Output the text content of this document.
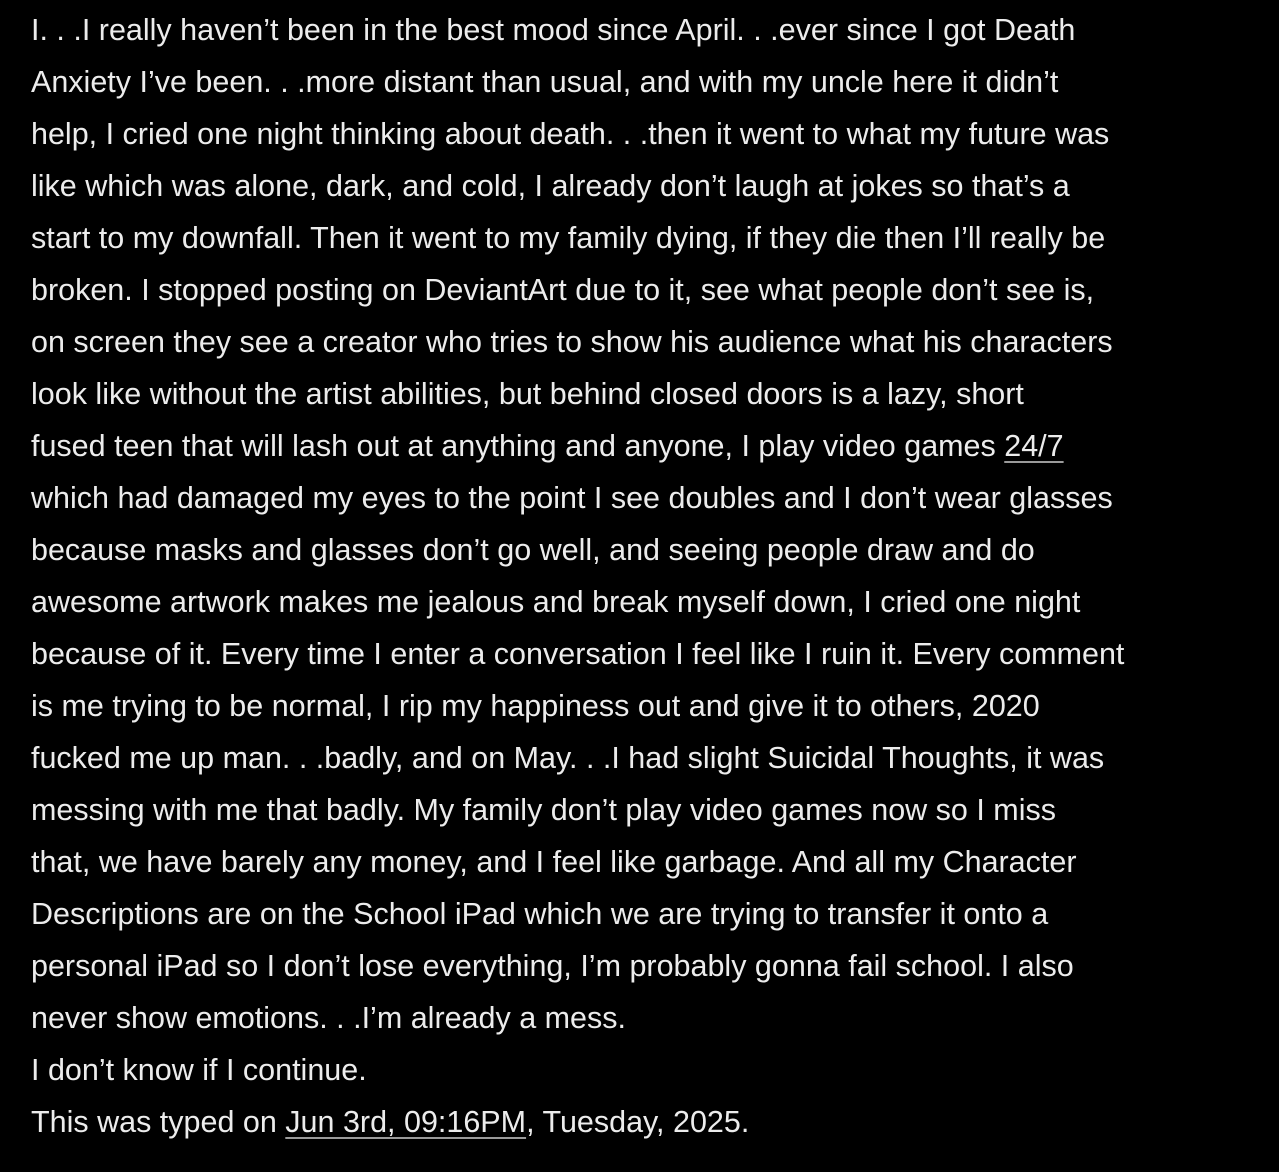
I. . .I really haven’t been in the best mood since April. . .ever since I got Death
Anxiety I’ve been. . .more distant than usual, and with my uncle here it didn’t
help, I cried one night thinking about death. . .then it went to what my future was
like which was alone, dark, and cold, I already don’t laugh at jokes so that’s a
start to my downfall. Then it went to my family dying, if they die then I’ll really be
broken. I stopped posting on DeviantArt due to it, see what people don’t see is,
on screen they see a creator who tries to show his audience what his characters
look like without the artist abilities, but behind closed doors is a lazy, short
fused teen that will lash out at anything and anyone, I play video games 24/7
which had damaged my eyes to the point I see doubles and I don’t wear glasses
because masks and glasses don’t go well, and seeing people draw and do
awesome artwork makes me jealous and break myself down, I cried one night
because of it. Every time I enter a conversation I feel like I ruin it. Every comment
is me trying to be normal, I rip my happiness out and give it to others, 2020
fucked me up man. . .badly, and on May. . .I had slight Suicidal Thoughts, it was
messing with me that badly. My family don’t play video games now so I miss
that, we have barely any money, and I feel like garbage. And all my Character
Descriptions are on the School iPad which we are trying to transfer it onto a
personal iPad so I don’t lose everything, I’m probably gonna fail school. I also
never show emotions. . .I’m already a mess.
I don’t know if I continue.
This was typed on Jun 3rd, 09:16PM, Tuesday, 2025.
